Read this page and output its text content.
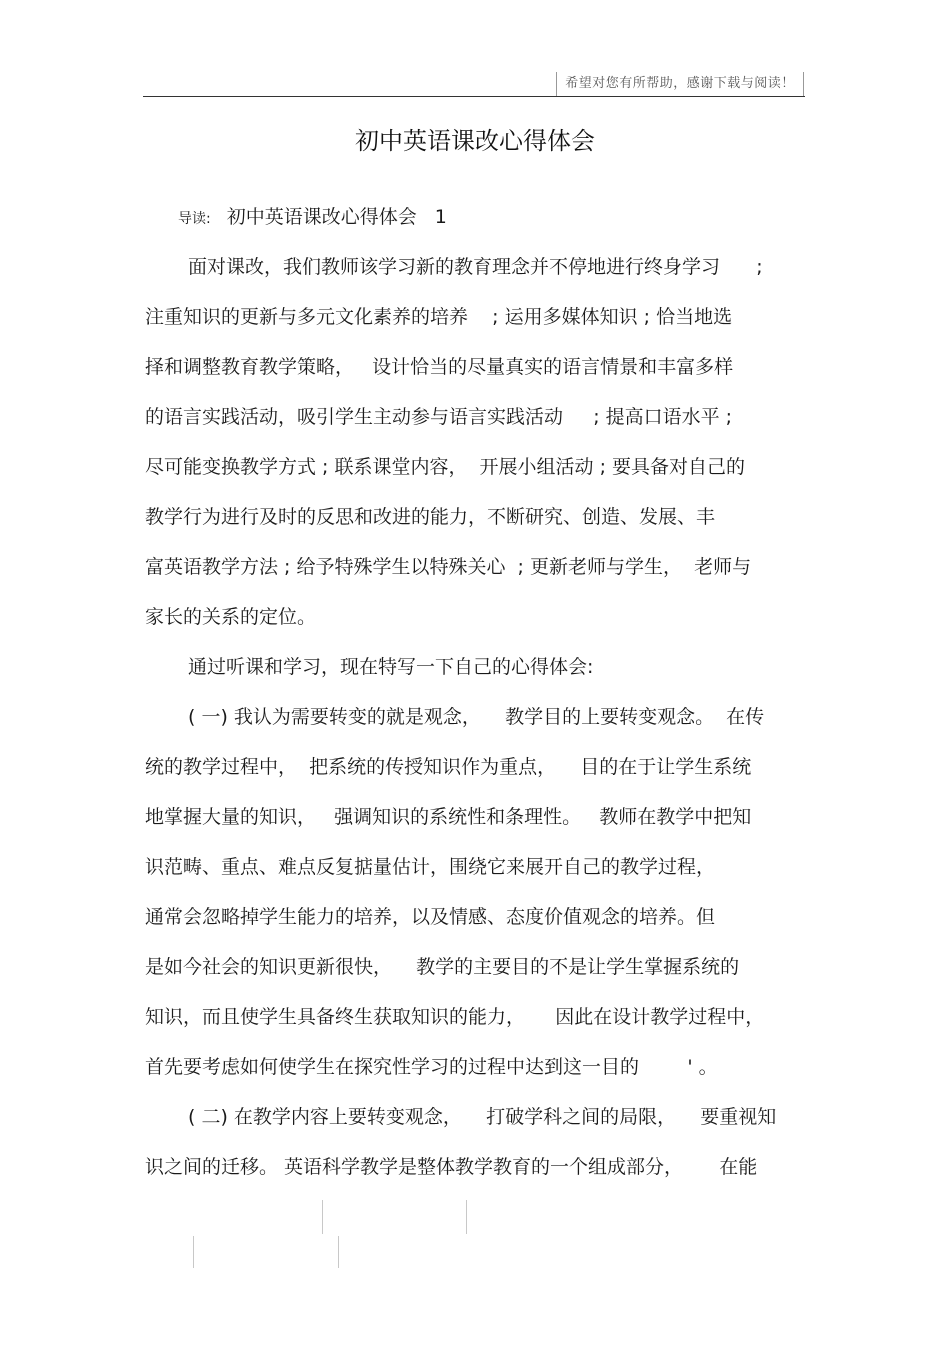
希望对您有所帮助，感谢下载与阅读！
初中英语课改心得体会
导读: 初中英语课改心得体会 1
面对课改，我们教师该学习新的教育理念并不停地进行终身学习      ;
注重知识的更新与多元文化素养的培养    ; 运用多媒体知识 ; 恰当地选
择和调整教育教学策略，   设计恰当的尽量真实的语言情景和丰富多样
的语言实践活动，吸引学生主动参与语言实践活动     ; 提高口语水平 ;
尽可能变换教学方式 ; 联系课堂内容，  开展小组活动 ; 要具备对自己的
教学行为进行及时的反思和改进的能力，不断研究、创造、发展、丰
富英语教学方法 ; 给予特殊学生以特殊关心  ; 更新老师与学生，  老师与
家长的关系的定位。
通过听课和学习，现在特写一下自己的心得体会:
( 一) 我认为需要转变的就是观念，    教学目的上要转变观念。  在传
统的教学过程中，  把系统的传授知识作为重点，    目的在于让学生系统
地掌握大量的知识，   强调知识的系统性和条理性。   教师在教学中把知
识范畴、重点、难点反复掂量估计，围绕它来展开自己的教学过程，
通常会忽略掉学生能力的培养，以及情感、态度价值观念的培养。但
是如今社会的知识更新很快，    教学的主要目的不是让学生掌握系统的
知识，而且使学生具备终生获取知识的能力，     因此在设计教学过程中，
首先要考虑如何使学生在探究性学习的过程中达到这一目的        ' 。
( 二) 在教学内容上要转变观念，    打破学科之间的局限，    要重视知
识之间的迁移。 英语科学教学是整体教学教育的一个组成部分，      在能
